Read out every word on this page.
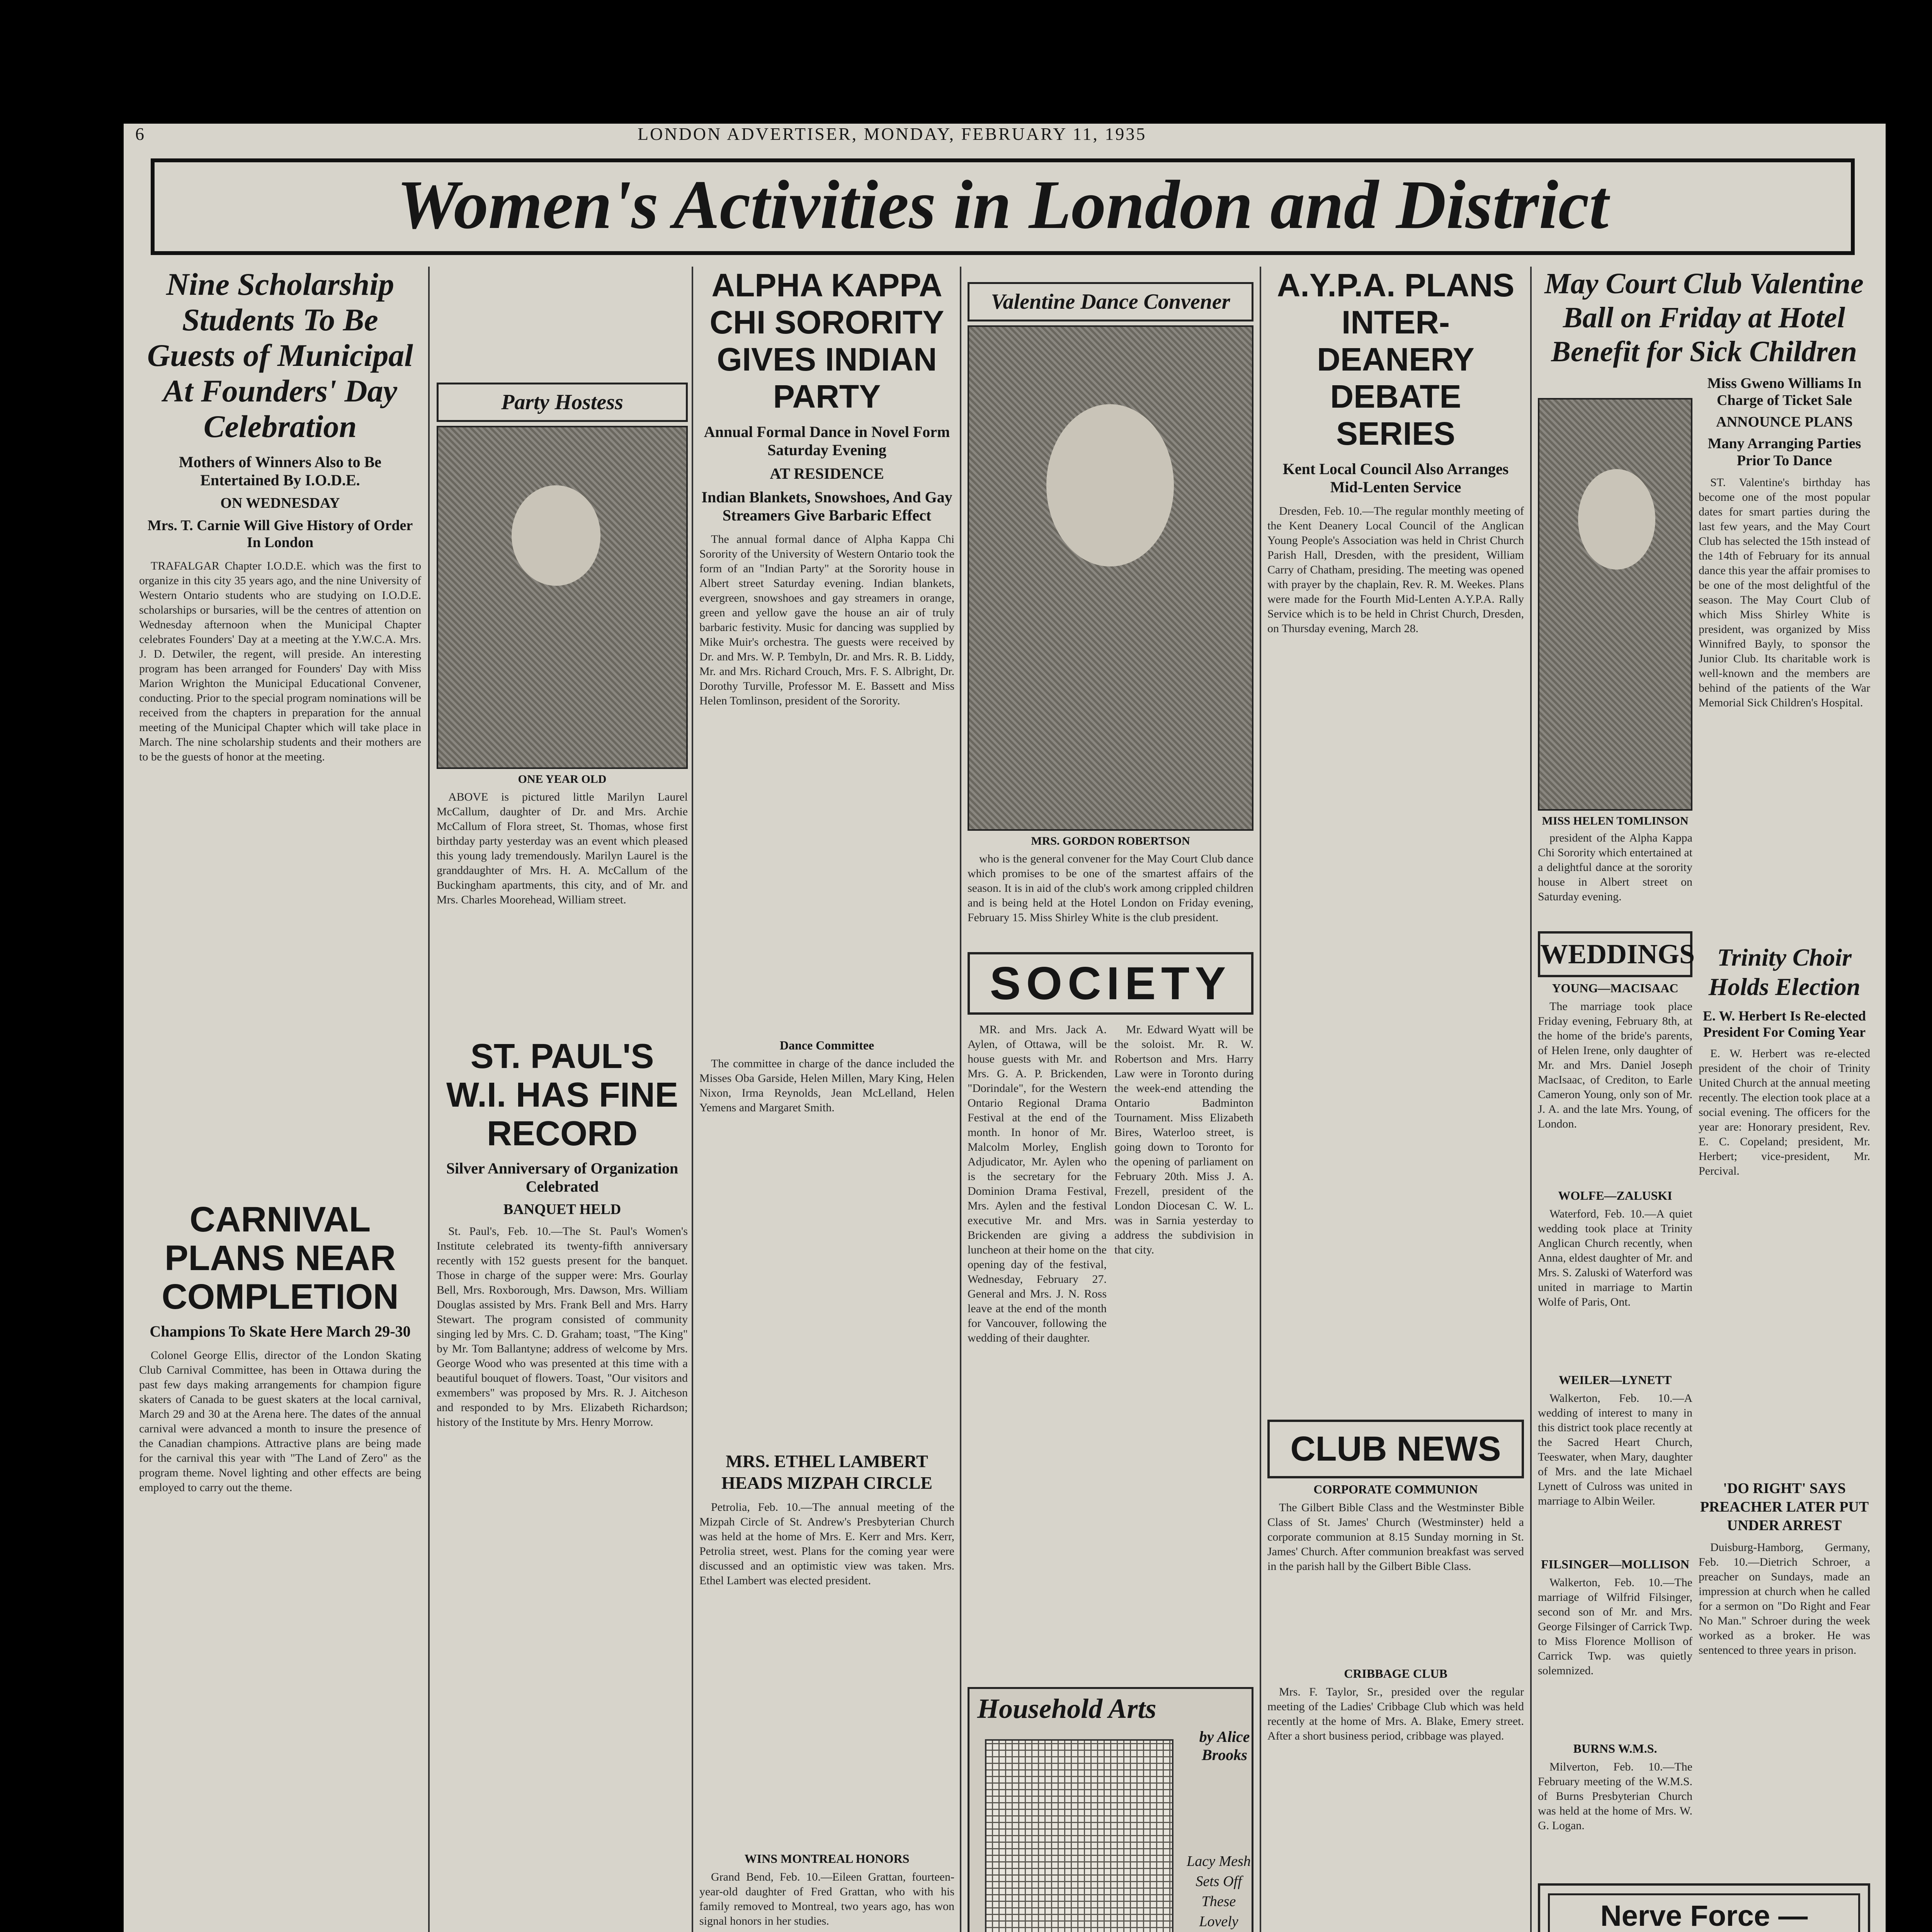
6	LONDON ADVERTISER, MONDAY, FEBRUARY 11, 1935
Women's Activities in London and District
Nine Scholarship Students To Be Guests of Municipal At Founders' Day Celebration
Mothers of Winners Also to Be Entertained By I.O.D.E.
ON WEDNESDAY
Mrs. T. Carnie Will Give History of Order In London

TRAFALGAR Chapter I.O.D.E. which was the first to organize in this city 35 years ago, and the nine University of Western Ontario students who are studying on I.O.D.E. scholarships or bursaries, will be the centres of attention on Wednesday afternoon when the Municipal Chapter celebrates Founders' Day at a meeting at the Y.W.C.A. Mrs. J. D. Detwiler, the regent, will preside. An interesting program has been arranged for Founders' Day with Miss Marion Wrighton the Municipal Educational Convener, conducting. Prior to the special program nominations will be received from the chapters in preparation for the annual meeting of the Municipal Chapter which will take place in March. The nine scholarship students and their mothers are to be the guests of honor at the meeting.

CARNIVAL PLANS NEAR COMPLETION
Champions To Skate Here March 29-30

Colonel George Ellis, director of the London Skating Club Carnival Committee, has been in Ottawa during the past few days making arrangements for champion figure skaters of Canada to be guest skaters at the local carnival, March 29 and 30 at the Arena here. The dates of the annual carnival were advanced a month to insure the presence of the Canadian champions. Attractive plans are being made for the carnival this year with "The Land of Zero" as the program theme. Novel lighting and other effects are being employed to carry out the theme.

Party Hostess
ONE YEAR OLD

ABOVE is pictured little Marilyn Laurel McCallum, daughter of Dr. and Mrs. Archie McCallum of Flora street, St. Thomas, whose first birthday party yesterday was an event which pleased this young lady tremendously. Marilyn Laurel is the granddaughter of Mrs. H. A. McCallum of the Buckingham apartments, this city, and of Mr. and Mrs. Charles Moorehead, William street.

ST. PAUL'S W.I. HAS FINE RECORD
Silver Anniversary of Organization Celebrated
BANQUET HELD

St. Paul's, Feb. 10.—The St. Paul's Women's Institute celebrated its twenty-fifth anniversary recently with 152 guests present for the banquet. Those in charge of the supper were: Mrs. Gourlay Bell, Mrs. Roxborough, Mrs. Dawson, Mrs. William Douglas assisted by Mrs. Frank Bell and Mrs. Harry Stewart. The program consisted of community singing led by Mrs. C. D. Graham; toast, "The King" by Mr. Tom Ballantyne; address of welcome by Mrs. George Wood who was presented at this time with a beautiful bouquet of flowers. Toast, "Our visitors and exmembers" was proposed by Mrs. R. J. Aitcheson and responded to by Mrs. Elizabeth Richardson; history of the Institute by Mrs. Henry Morrow.

ALPHA KAPPA CHI SORORITY GIVES INDIAN PARTY
Annual Formal Dance in Novel Form Saturday Evening
AT RESIDENCE
Indian Blankets, Snowshoes, And Gay Streamers Give Barbaric Effect

The annual formal dance of Alpha Kappa Chi Sorority of the University of Western Ontario took the form of an "Indian Party" at the Sorority house in Albert street Saturday evening. Indian blankets, evergreen, snowshoes and gay streamers in orange, green and yellow gave the house an air of truly barbaric festivity. Music for dancing was supplied by Mike Muir's orchestra. The guests were received by Dr. and Mrs. W. P. Tembyln, Dr. and Mrs. R. B. Liddy, Mr. and Mrs. Richard Crouch, Mrs. F. S. Albright, Dr. Dorothy Turville, Professor M. E. Bassett and Miss Helen Tomlinson, president of the Sorority.

Dance Committee

The committee in charge of the dance included the Misses Oba Garside, Helen Millen, Mary King, Helen Nixon, Irma Reynolds, Jean McLelland, Helen Yemens and Margaret Smith.

MRS. ETHEL LAMBERT HEADS MIZPAH CIRCLE

Petrolia, Feb. 10.—The annual meeting of the Mizpah Circle of St. Andrew's Presbyterian Church was held at the home of Mrs. E. Kerr and Mrs. Kerr, Petrolia street, west. Plans for the coming year were discussed and an optimistic view was taken. Mrs. Ethel Lambert was elected president.

WINS MONTREAL HONORS

Grand Bend, Feb. 10.—Eileen Grattan, fourteen-year-old daughter of Fred Grattan, who with his family removed to Montreal, two years ago, has won signal honors in her studies.

Valentine Dance Convener
MRS. GORDON ROBERTSON

who is the general convener for the May Court Club dance which promises to be one of the smartest affairs of the season. It is in aid of the club's work among crippled children and is being held at the Hotel London on Friday evening, February 15. Miss Shirley White is the club president.

SOCIETY

MR. and Mrs. Jack A. Aylen, of Ottawa, will be house guests with Mr. and Mrs. G. A. P. Brickenden, "Dorindale", for the Western Ontario Regional Drama Festival at the end of the month. In honor of Mr. Malcolm Morley, English Adjudicator, Mr. Aylen who is the secretary for the Dominion Drama Festival, Mrs. Aylen and the festival executive Mr. and Mrs. Brickenden are giving a luncheon at their home on the opening day of the festival, Wednesday, February 27. General and Mrs. J. N. Ross leave at the end of the month for Vancouver, following the wedding of their daughter.

Mr. Edward Wyatt will be the soloist. Mr. R. W. Robertson and Mrs. Harry Law were in Toronto during the week-end attending the Ontario Badminton Tournament. Miss Elizabeth Bires, Waterloo street, is going down to Toronto for the opening of parliament on February 20th. Miss J. A. Frezell, president of the London Diocesan C. W. L. was in Sarnia yesterday to address the subdivision in that city.

Household Arts
by Alice Brooks
Lacy Mesh Sets Off These Lovely

A.Y.P.A. PLANS INTER-DEANERY DEBATE SERIES
Kent Local Council Also Arranges Mid-Lenten Service

Dresden, Feb. 10.—The regular monthly meeting of the Kent Deanery Local Council of the Anglican Young People's Association was held in Christ Church Parish Hall, Dresden, with the president, William Carry of Chatham, presiding. The meeting was opened with prayer by the chaplain, Rev. R. M. Weekes. Plans were made for the Fourth Mid-Lenten A.Y.P.A. Rally Service which is to be held in Christ Church, Dresden, on Thursday evening, March 28.

CLUB NEWS
CORPORATE COMMUNION

The Gilbert Bible Class and the Westminster Bible Class of St. James' Church (Westminster) held a corporate communion at 8.15 Sunday morning in St. James' Church. After communion breakfast was served in the parish hall by the Gilbert Bible Class.

CRIBBAGE CLUB

Mrs. F. Taylor, Sr., presided over the regular meeting of the Ladies' Cribbage Club which was held recently at the home of Mrs. A. Blake, Emery street. After a short business period, cribbage was played.

May Court Club Valentine Ball on Friday at Hotel Benefit for Sick Children
MISS HELEN TOMLINSON

president of the Alpha Kappa Chi Sorority which entertained at a delightful dance at the sorority house in Albert street on Saturday evening.

Miss Gweno Williams In Charge of Ticket Sale
ANNOUNCE PLANS
Many Arranging Parties Prior To Dance

ST. Valentine's birthday has become one of the most popular dates for smart parties during the last few years, and the May Court Club has selected the 15th instead of the 14th of February for its annual dance this year the affair promises to be one of the most delightful of the season. The May Court Club of which Miss Shirley White is president, was organized by Miss Winnifred Bayly, to sponsor the Junior Club. Its charitable work is well-known and the members are behind of the patients of the War Memorial Sick Children's Hospital.

WEDDINGS
YOUNG—MACISAAC

The marriage took place Friday evening, February 8th, at the home of the bride's parents, of Helen Irene, only daughter of Mr. and Mrs. Daniel Joseph MacIsaac, of Crediton, to Earle Cameron Young, only son of Mr. J. A. and the late Mrs. Young, of London.

WOLFE—ZALUSKI

Waterford, Feb. 10.—A quiet wedding took place at Trinity Anglican Church recently, when Anna, eldest daughter of Mr. and Mrs. S. Zaluski of Waterford was united in marriage to Martin Wolfe of Paris, Ont.

WEILER—LYNETT

Walkerton, Feb. 10.—A wedding of interest to many in this district took place recently at the Sacred Heart Church, Teeswater, when Mary, daughter of Mrs. and the late Michael Lynett of Culross was united in marriage to Albin Weiler.

FILSINGER—MOLLISON

Walkerton, Feb. 10.—The marriage of Wilfrid Filsinger, second son of Mr. and Mrs. George Filsinger of Carrick Twp. to Miss Florence Mollison of Carrick Twp. was quietly solemnized.

BURNS W.M.S.

Milverton, Feb. 10.—The February meeting of the W.M.S. of Burns Presbyterian Church was held at the home of Mrs. W. G. Logan.

Trinity Choir Holds Election
E. W. Herbert Is Re-elected President For Coming Year

E. W. Herbert was re-elected president of the choir of Trinity United Church at the annual meeting recently. The election took place at a social evening. The officers for the year are: Honorary president, Rev. E. C. Copeland; president, Mr. Herbert; vice-president, Mr. Percival.

'DO RIGHT' SAYS PREACHER LATER PUT UNDER ARREST

Duisburg-Hamborg, Germany, Feb. 10.—Dietrich Schroer, a preacher on Sundays, made an impression at church when he called for a sermon on "Do Right and Fear No Man." Schroer during the week worked as a broker. He was sentenced to three years in prison.

Nerve Force —
